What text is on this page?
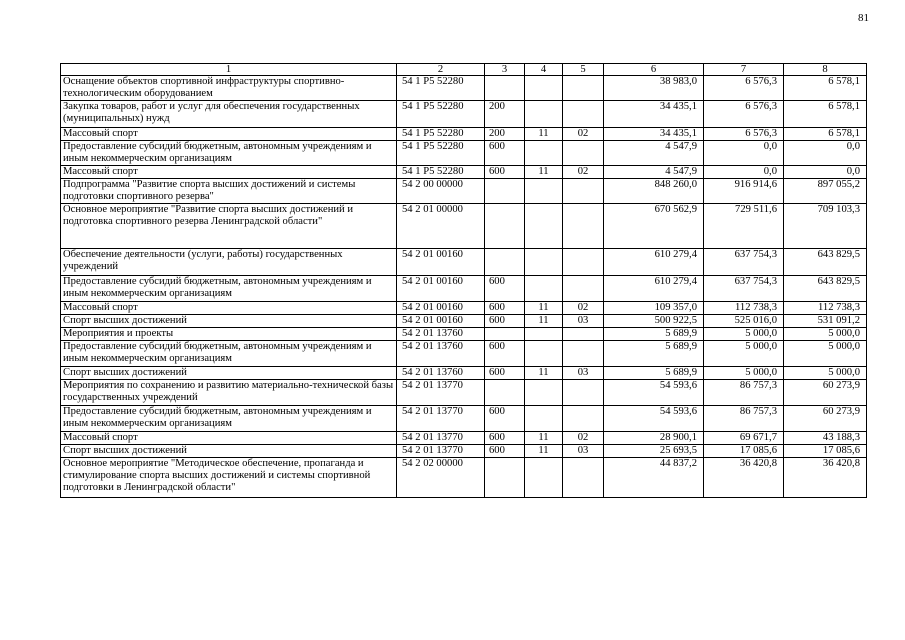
81
1	2	3	4	5	6	7	8
Оснащение объектов спортивной инфраструктуры спортивно-технологическим оборудованием	54 1 P5 52280				38 983,0	6 576,3	6 578,1
Закупка товаров, работ и услуг для обеспечения государственных (муниципальных) нужд	54 1 P5 52280	200			34 435,1	6 576,3	6 578,1
Массовый спорт	54 1 P5 52280	200	11	02	34 435,1	6 576,3	6 578,1
Предоставление субсидий бюджетным, автономным учреждениям и иным некоммерческим организациям	54 1 P5 52280	600			4 547,9	0,0	0,0
Массовый спорт	54 1 P5 52280	600	11	02	4 547,9	0,0	0,0
Подпрограмма "Развитие спорта высших достижений и системы подготовки спортивного резерва"	54 2 00 00000				848 260,0	916 914,6	897 055,2
Основное мероприятие "Развитие спорта высших достижений и подготовка спортивного резерва Ленинградской области"	54 2 01 00000				670 562,9	729 511,6	709 103,3
Обеспечение деятельности (услуги, работы) государственных учреждений	54 2 01 00160				610 279,4	637 754,3	643 829,5
Предоставление субсидий бюджетным, автономным учреждениям и иным некоммерческим организациям	54 2 01 00160	600			610 279,4	637 754,3	643 829,5
Массовый спорт	54 2 01 00160	600	11	02	109 357,0	112 738,3	112 738,3
Спорт высших достижений	54 2 01 00160	600	11	03	500 922,5	525 016,0	531 091,2
Мероприятия и проекты	54 2 01 13760				5 689,9	5 000,0	5 000,0
Предоставление субсидий бюджетным, автономным учреждениям и иным некоммерческим организациям	54 2 01 13760	600			5 689,9	5 000,0	5 000,0
Спорт высших достижений	54 2 01 13760	600	11	03	5 689,9	5 000,0	5 000,0
Мероприятия по сохранению и развитию материально-технической базы государственных учреждений	54 2 01 13770				54 593,6	86 757,3	60 273,9
Предоставление субсидий бюджетным, автономным учреждениям и иным некоммерческим организациям	54 2 01 13770	600			54 593,6	86 757,3	60 273,9
Массовый спорт	54 2 01 13770	600	11	02	28 900,1	69 671,7	43 188,3
Спорт высших достижений	54 2 01 13770	600	11	03	25 693,5	17 085,6	17 085,6
Основное мероприятие "Методическое обеспечение, пропаганда и стимулирование спорта высших достижений и системы спортивной подготовки в Ленинградской области"	54 2 02 00000				44 837,2	36 420,8	36 420,8
